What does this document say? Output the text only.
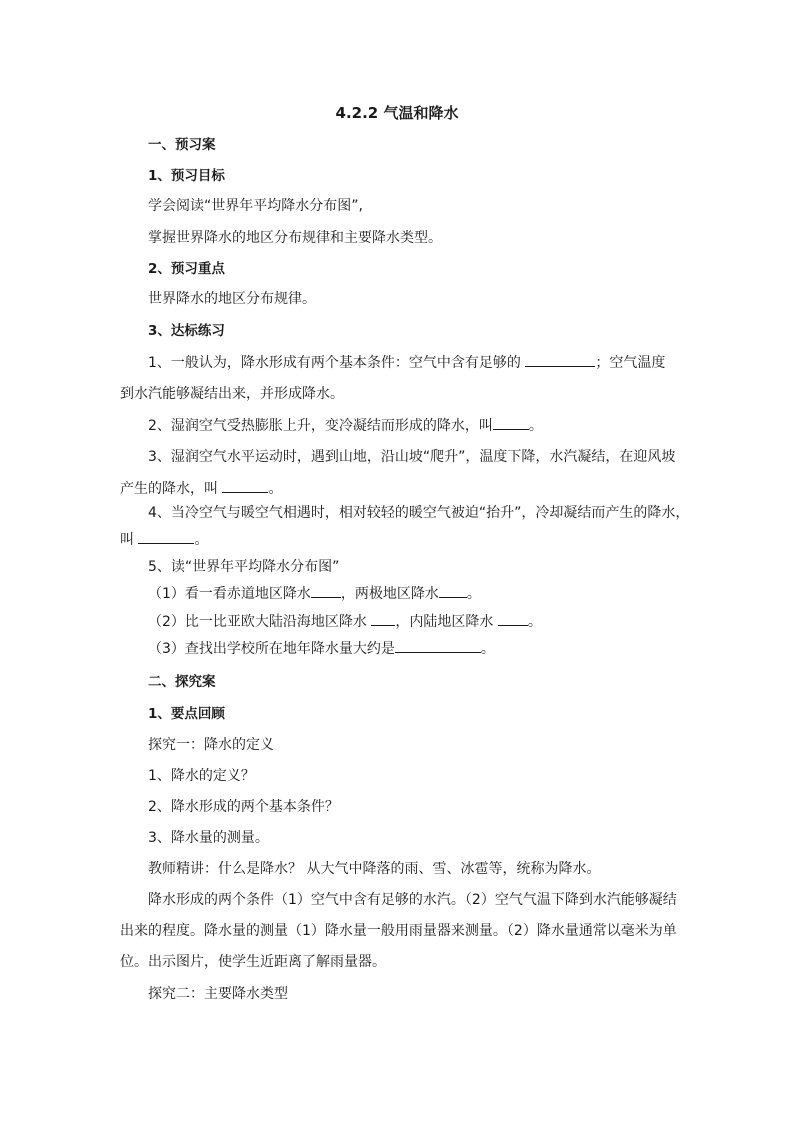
4.2.2 气温和降水
一、预习案
1、预习目标
学会阅读“世界年平均降水分布图”,
掌握世界降水的地区分布规律和主要降水类型。
2、预习重点
世界降水的地区分布规律。
3、达标练习
1、一般认为，降水形成有两个基本条件：空气中含有足够的	；空气温度
到水汽能够凝结出来，并形成降水。
2、湿润空气受热膨胀上升，变冷凝结而形成的降水，叫	。
3、湿润空气水平运动时，遇到山地，沿山坡“爬升”，温度下降，水汽凝结，在迎风坡
产生的降水，叫	。
4、当冷空气与暖空气相遇时，相对较轻的暖空气被迫“抬升”，冷却凝结而产生的降水，
叫	。
5、读“世界年平均降水分布图”
（1）看一看赤道地区降水 ，两极地区降水 。
（2）比一比亚欧大陆沿海地区降水 ，内陆地区降水 。
（3）查找出学校所在地年降水量大约是	。
二、探究案
1、要点回顾
探究一：降水的定义
1、降水的定义？
2、降水形成的两个基本条件？
3、降水量的测量。
教师精讲：什么是降水？ 从大气中降落的雨、雪、冰雹等，统称为降水。
降水形成的两个条件（1）空气中含有足够的水汽。（2）空气气温下降到水汽能够凝结
出来的程度。降水量的测量（1）降水量一般用雨量器来测量。（2）降水量通常以毫米为单
位。出示图片，使学生近距离了解雨量器。
探究二：主要降水类型
